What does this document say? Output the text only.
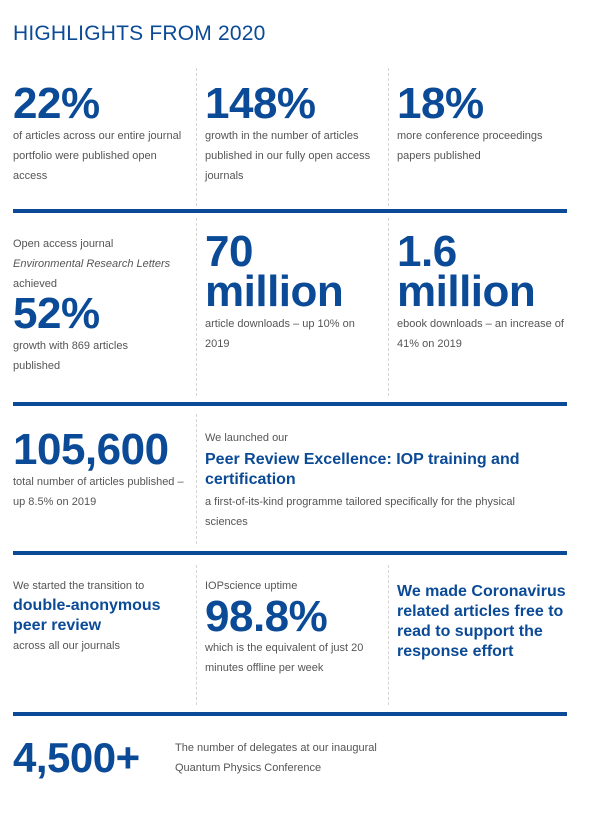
HIGHLIGHTS FROM 2020
22%
of articles across our entire journal portfolio were published open access
148%
growth in the number of articles published in our fully open access journals
18%
more conference proceedings papers published
Open access journal Environmental Research Letters achieved
52%
growth with 869 articles published
70
million
article downloads – up 10% on 2019
1.6
million
ebook downloads – an increase of 41% on 2019
105,600
total number of articles published – up 8.5% on 2019
We launched our
Peer Review Excellence: IOP training and certification
a first-of-its-kind programme tailored specifically for the physical sciences
We started the transition to
double-anonymous peer review
across all our journals
IOPscience uptime
98.8%
which is the equivalent of just 20 minutes offline per week
We made Coronavirus related articles free to read to support the response effort
4,500+	The number of delegates at our inaugural Quantum Physics Conference
